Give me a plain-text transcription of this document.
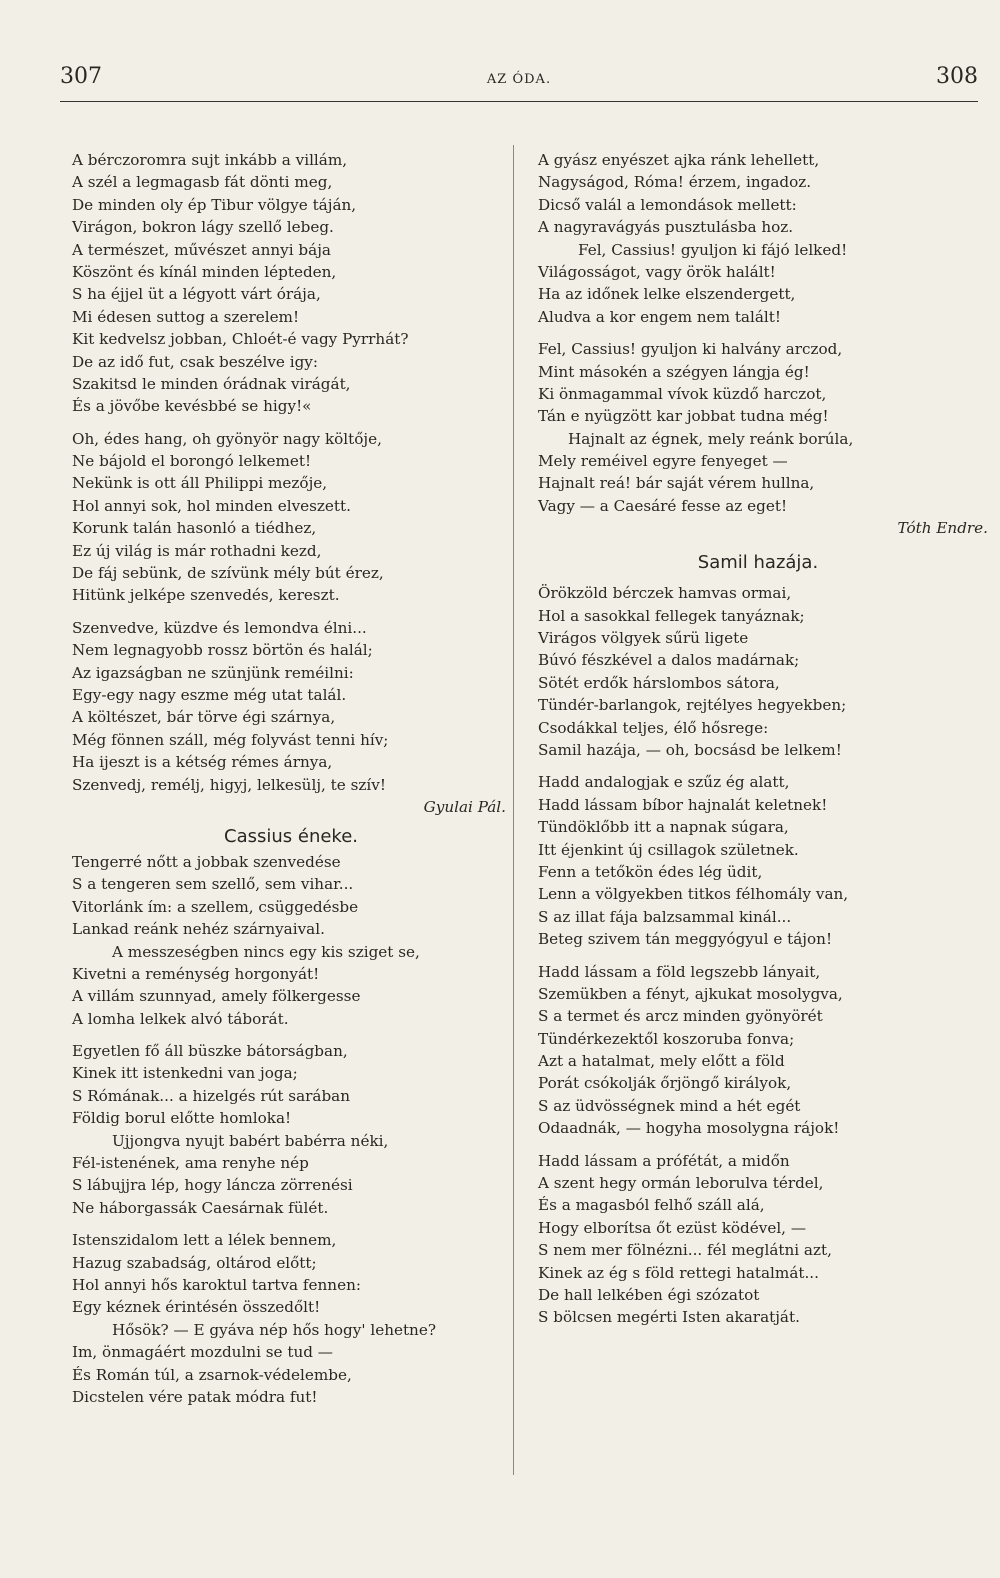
307	AZ ÓDA.	308
A bérczoromra sujt inkább a villám,
A szél a legmagasb fát dönti meg,
De minden oly ép Tibur völgye táján,
Virágon, bokron lágy szellő lebeg.
A természet, művészet annyi bája
Köszönt és kínál minden lépteden,
S ha éjjel üt a légyott várt órája,
Mi édesen suttog a szerelem!
Kit kedvelsz jobban, Chloét-é vagy Pyrrhát?
De az idő fut, csak beszélve igy:
Szakitsd le minden órádnak virágát,
És a jövőbe kevésbbé se higy!«
Oh, édes hang, oh gyönyör nagy költője,
Ne bájold el borongó lelkemet!
Nekünk is ott áll Philippi mezője,
Hol annyi sok, hol minden elveszett.
Korunk talán hasonló a tiédhez,
Ez új világ is már rothadni kezd,
De fáj sebünk, de szívünk mély bút érez,
Hitünk jelképe szenvedés, kereszt.
Szenvedve, küzdve és lemondva élni...
Nem legnagyobb rossz börtön és halál;
Az igazságban ne szünjünk reméilni:
Egy-egy nagy eszme még utat talál.
A költészet, bár törve égi szárnya,
Még fönnen száll, még folyvást tenni hív;
Ha ijeszt is a kétség rémes árnya,
Szenvedj, remélj, higyj, lelkesülj, te szív!
Gyulai Pál.
Cassius éneke.
Tengerré nőtt a jobbak szenvedése
S a tengeren sem szellő, sem vihar...
Vitorlánk ím: a szellem, csüggedésbe
Lankad reánk nehéz szárnyaival.
A messzeségben nincs egy kis sziget se,
Kivetni a reménység horgonyát!
A villám szunnyad, amely fölkergesse
A lomha lelkek alvó táborát.
Egyetlen fő áll büszke bátorságban,
Kinek itt istenkedni van joga;
S Rómának... a hizelgés rút sarában
Földig borul előtte homloka!
Ujjongva nyujt babért babérra néki,
Fél-istenének, ama renyhe nép
S lábujjra lép, hogy láncza zörrenési
Ne háborgassák Caesárnak fülét.
Istenszidalom lett a lélek bennem,
Hazug szabadság, oltárod előtt;
Hol annyi hős karoktul tartva fennen:
Egy kéznek érintésén összedőlt!
Hősök? — E gyáva nép hős hogy' lehetne?
Im, önmagáért mozdulni se tud —
És Román túl, a zsarnok-védelembe,
Dicstelen vére patak módra fut!
A gyász enyészet ajka ránk lehellett,
Nagyságod, Róma! érzem, ingadoz.
Dicső valál a lemondások mellett:
A nagyravágyás pusztulásba hoz.
Fel, Cassius! gyuljon ki fájó lelked!
Világosságot, vagy örök halált!
Ha az időnek lelke elszendergett,
Aludva a kor engem nem talált!
Fel, Cassius! gyuljon ki halvány arczod,
Mint másokén a szégyen lángja ég!
Ki önmagammal vívok küzdő harczot,
Tán e nyügzött kar jobbat tudna még!
Hajnalt az égnek, mely reánk borúla,
Mely reméivel egyre fenyeget —
Hajnalt reá! bár saját vérem hullna,
Vagy — a Caesáré fesse az eget!
Tóth Endre.
Samil hazája.
Örökzöld bérczek hamvas ormai,
Hol a sasokkal fellegek tanyáznak;
Virágos völgyek sűrü ligete
Búvó fészkével a dalos madárnak;
Sötét erdők hárslombos sátora,
Tündér-barlangok, rejtélyes hegyekben;
Csodákkal teljes, élő hősrege:
Samil hazája, — oh, bocsásd be lelkem!
Hadd andalogjak e szűz ég alatt,
Hadd lássam bíbor hajnalát keletnek!
Tündöklőbb itt a napnak súgara,
Itt éjenkint új csillagok születnek.
Fenn a tetőkön édes lég üdit,
Lenn a völgyekben titkos félhomály van,
S az illat fája balzsammal kinál...
Beteg szivem tán meggyógyul e tájon!
Hadd lássam a föld legszebb lányait,
Szemükben a fényt, ajkukat mosolygva,
S a termet és arcz minden gyönyörét
Tündérkezektől koszoruba fonva;
Azt a hatalmat, mely előtt a föld
Porát csókolják őrjöngő királyok,
S az üdvösségnek mind a hét egét
Odaadnák, — hogyha mosolygna rájok!
Hadd lássam a prófétát, a midőn
A szent hegy ormán leborulva térdel,
És a magasból felhő száll alá,
Hogy elborítsa őt ezüst ködével, —
S nem mer fölnézni... fél meglátni azt,
Kinek az ég s föld rettegi hatalmát...
De hall lelkében égi szózatot
S bölcsen megérti Isten akaratját.
